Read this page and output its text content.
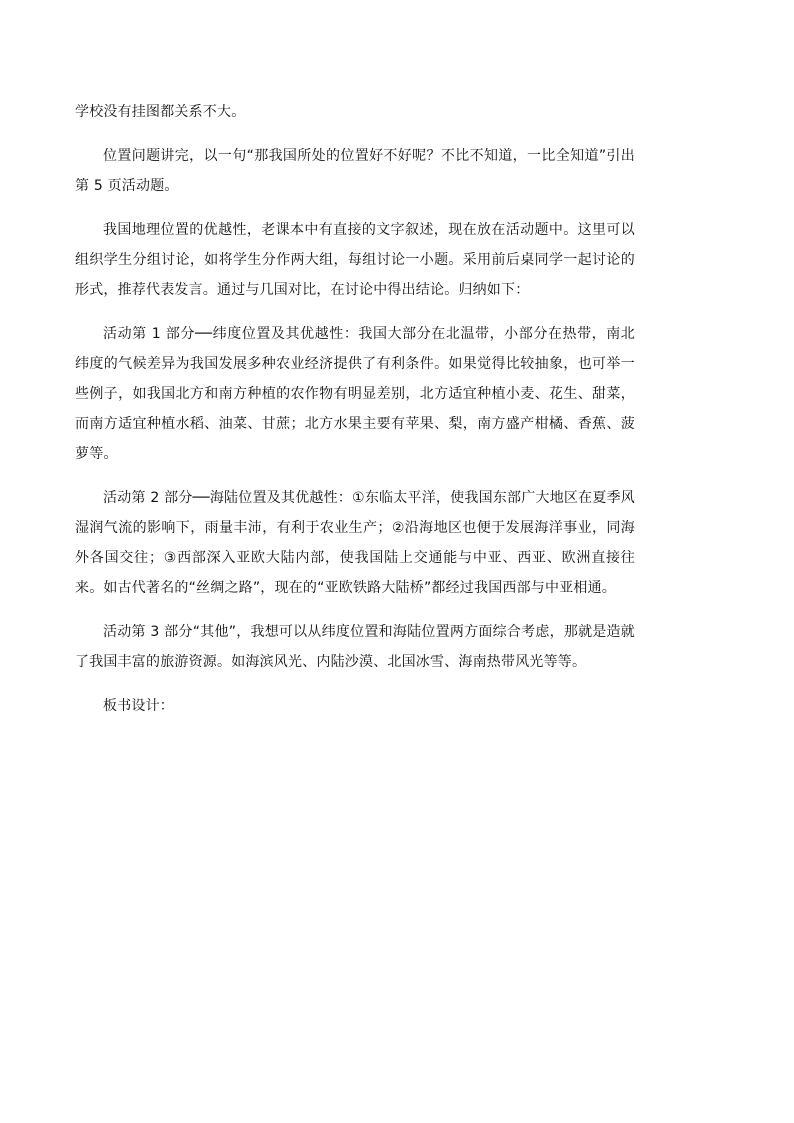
学校没有挂图都关系不大。

位置问题讲完，以一句“那我国所处的位置好不好呢？不比不知道，一比全知道”引出第 5 页活动题。

我国地理位置的优越性，老课本中有直接的文字叙述，现在放在活动题中。这里可以组织学生分组讨论，如将学生分作两大组，每组讨论一小题。采用前后桌同学一起讨论的形式，推荐代表发言。通过与几国对比，在讨论中得出结论。归纳如下：

活动第 1 部分──纬度位置及其优越性：我国大部分在北温带，小部分在热带，南北纬度的气候差异为我国发展多种农业经济提供了有利条件。如果觉得比较抽象，也可举一些例子，如我国北方和南方种植的农作物有明显差别，北方适宜种植小麦、花生、甜菜，而南方适宜种植水稻、油菜、甘蔗；北方水果主要有苹果、梨，南方盛产柑橘、香蕉、菠萝等。

活动第 2 部分──海陆位置及其优越性：①东临太平洋，使我国东部广大地区在夏季风湿润气流的影响下，雨量丰沛，有利于农业生产；②沿海地区也便于发展海洋事业，同海外各国交往；③西部深入亚欧大陆内部，使我国陆上交通能与中亚、西亚、欧洲直接往来。如古代著名的“丝绸之路”，现在的“亚欧铁路大陆桥”都经过我国西部与中亚相通。

活动第 3 部分“其他”，我想可以从纬度位置和海陆位置两方面综合考虑，那就是造就了我国丰富的旅游资源。如海滨风光、内陆沙漠、北国冰雪、海南热带风光等等。

板书设计：
